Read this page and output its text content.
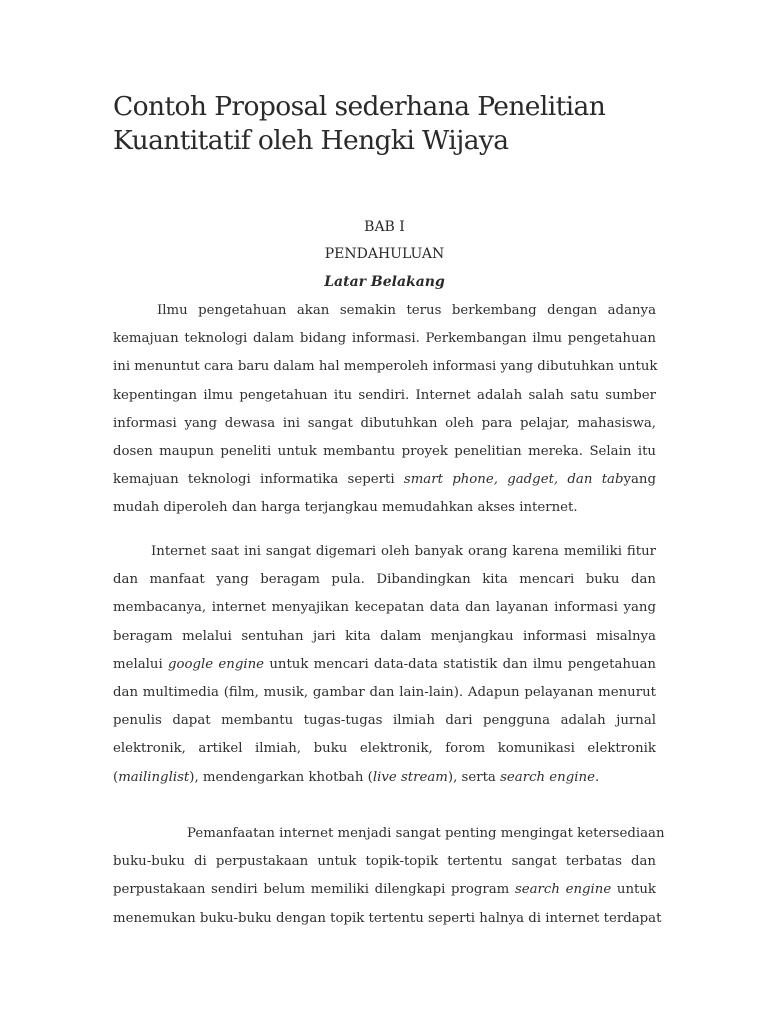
Contoh Proposal sederhana Penelitian
Kuantitatif oleh Hengki Wijaya
BAB I
PENDAHULUAN
Latar Belakang

Ilmu pengetahuan akan semakin terus berkembang dengan adanya
kemajuan teknologi dalam bidang informasi. Perkembangan ilmu pengetahuan
ini menuntut cara baru dalam hal memperoleh informasi yang dibutuhkan untuk
kepentingan ilmu pengetahuan itu sendiri. Internet adalah salah satu sumber
informasi yang dewasa ini sangat dibutuhkan oleh para pelajar, mahasiswa,
dosen maupun peneliti untuk membantu proyek penelitian mereka. Selain itu
kemajuan teknologi informatika seperti smart phone, gadget, dan tabyang
mudah diperoleh dan harga terjangkau memudahkan akses internet.

Internet saat ini sangat digemari oleh banyak orang karena memiliki fitur
dan manfaat yang beragam pula. Dibandingkan kita mencari buku dan
membacanya, internet menyajikan kecepatan data dan layanan informasi yang
beragam melalui sentuhan jari kita dalam menjangkau informasi misalnya
melalui google engine untuk mencari data-data statistik dan ilmu pengetahuan
dan multimedia (film, musik, gambar dan lain-lain). Adapun pelayanan menurut
penulis dapat membantu tugas-tugas ilmiah dari pengguna adalah jurnal
elektronik, artikel ilmiah, buku elektronik, forom komunikasi elektronik
(mailinglist), mendengarkan khotbah (live stream), serta search engine.

Pemanfaatan internet menjadi sangat penting mengingat ketersediaan
buku-buku di perpustakaan untuk topik-topik tertentu sangat terbatas dan
perpustakaan sendiri belum memiliki dilengkapi program search engine untuk
menemukan buku-buku dengan topik tertentu seperti halnya di internet terdapat
